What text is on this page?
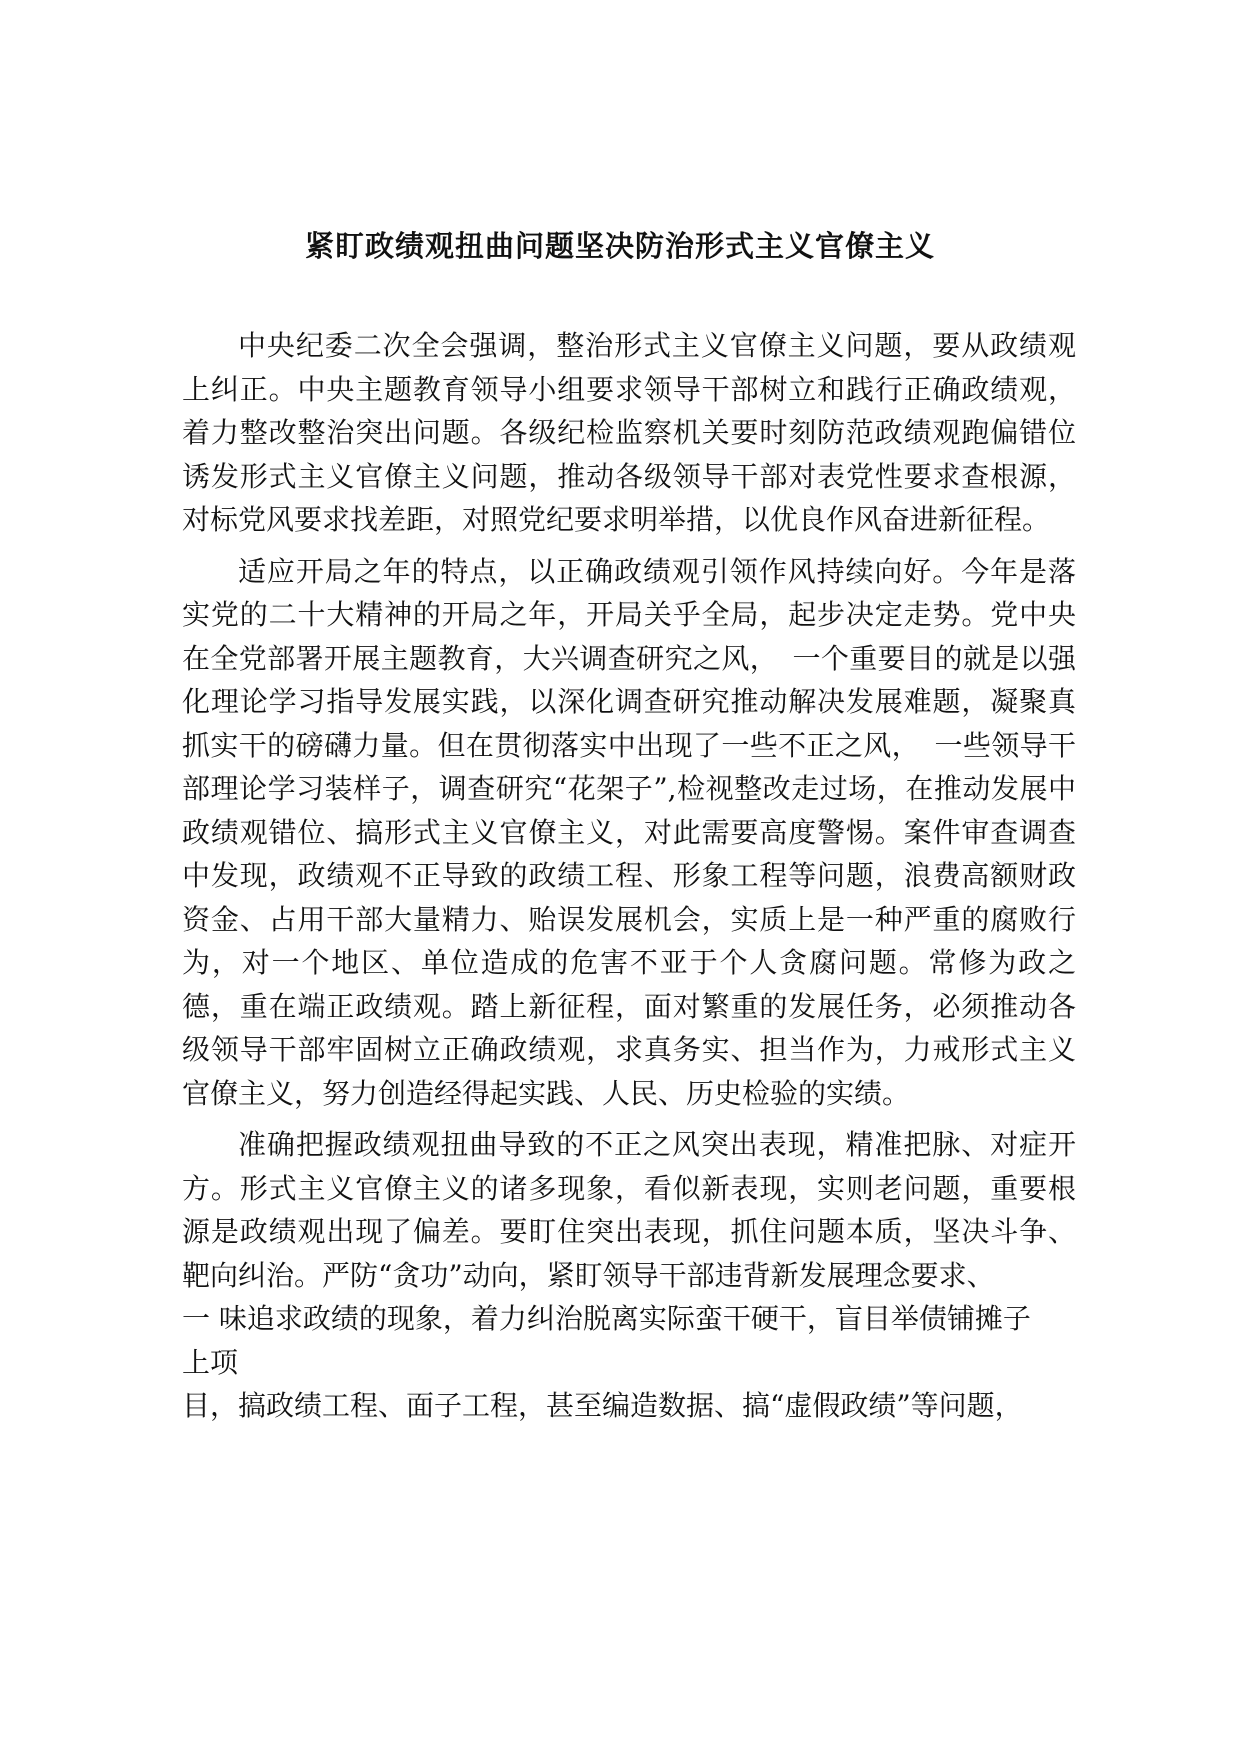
紧盯政绩观扭曲问题坚决防治形式主义官僚主义

中央纪委二次全会强调，整治形式主义官僚主义问题，要从政绩观上纠正。中央主题教育领导小组要求领导干部树立和践行正确政绩观，着力整改整治突出问题。各级纪检监察机关要时刻防范政绩观跑偏错位诱发形式主义官僚主义问题，推动各级领导干部对表党性要求查根源，对标党风要求找差距，对照党纪要求明举措，以优良作风奋进新征程。

适应开局之年的特点，以正确政绩观引领作风持续向好。今年是落实党的二十大精神的开局之年，开局关乎全局，起步决定走势。党中央在全党部署开展主题教育，大兴调查研究之风，　一个重要目的就是以强化理论学习指导发展实践，以深化调查研究推动解决发展难题，凝聚真抓实干的磅礴力量。但在贯彻落实中出现了一些不正之风，　一些领导干部理论学习装样子，调查研究“花架子”,检视整改走过场，在推动发展中政绩观错位、搞形式主义官僚主义，对此需要高度警惕。案件审查调查中发现，政绩观不正导致的政绩工程、形象工程等问题，浪费高额财政资金、占用干部大量精力、贻误发展机会，实质上是一种严重的腐败行为，对一个地区、单位造成的危害不亚于个人贪腐问题。常修为政之德，重在端正政绩观。踏上新征程，面对繁重的发展任务，必须推动各级领导干部牢固树立正确政绩观，求真务实、担当作为，力戒形式主义官僚主义，努力创造经得起实践、人民、历史检验的实绩。

准确把握政绩观扭曲导致的不正之风突出表现，精准把脉、对症开方。形式主义官僚主义的诸多现象，看似新表现，实则老问题，重要根源是政绩观出现了偏差。要盯住突出表现，抓住问题本质，坚决斗争、靶向纠治。严防“贪功”动向，紧盯领导干部违背新发展理念要求、

一 味追求政绩的现象，着力纠治脱离实际蛮干硬干，盲目举债铺摊子

上项

目，搞政绩工程、面子工程，甚至编造数据、搞“虚假政绩”等问题，
